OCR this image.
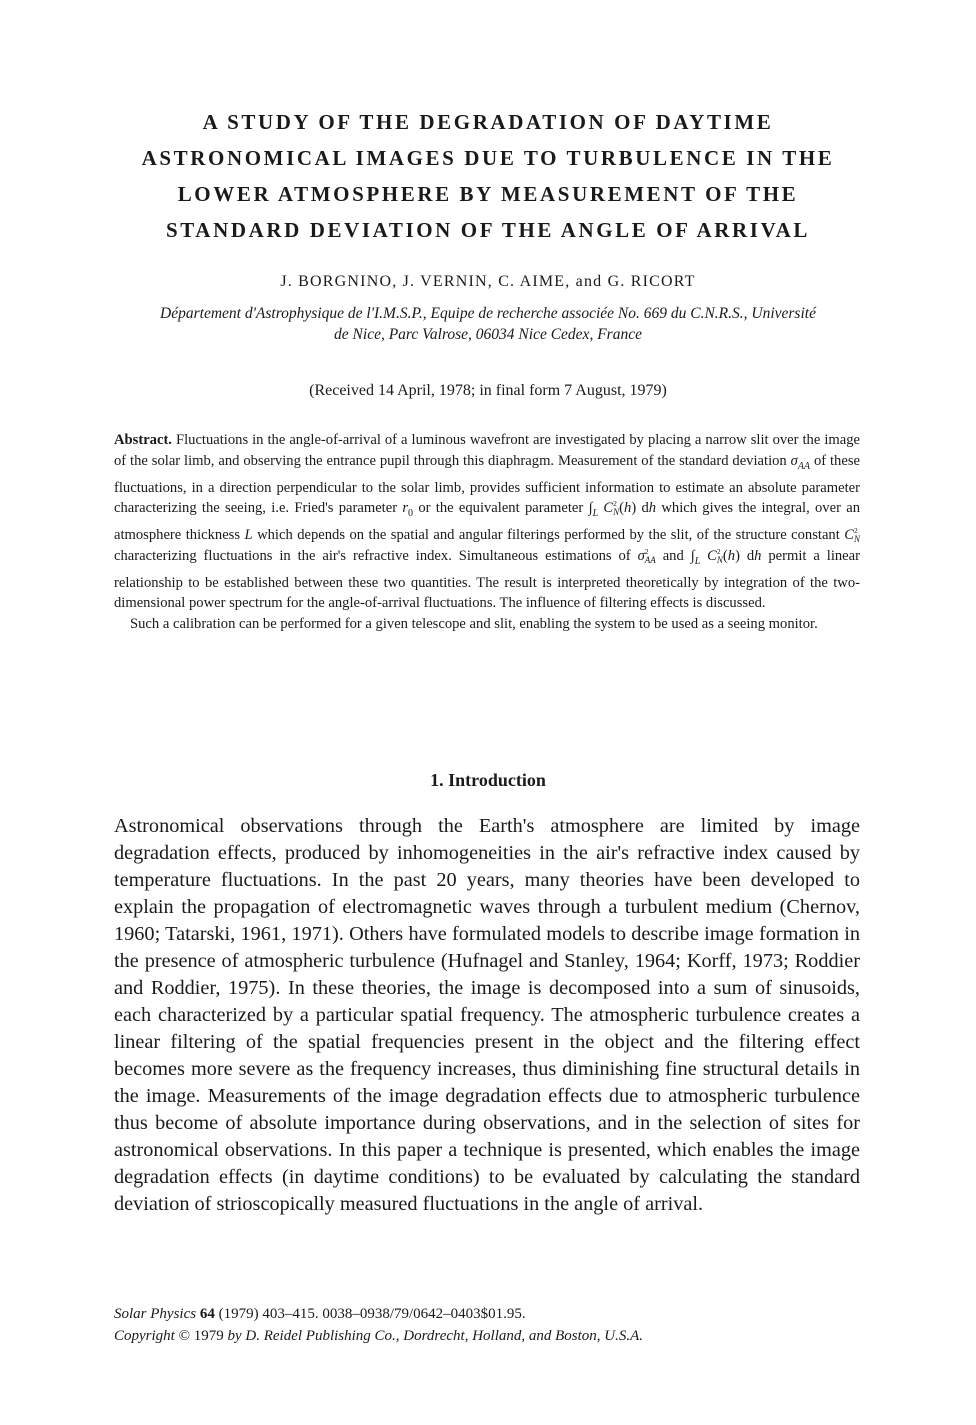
A STUDY OF THE DEGRADATION OF DAYTIME
ASTRONOMICAL IMAGES DUE TO TURBULENCE IN THE
LOWER ATMOSPHERE BY MEASUREMENT OF THE
STANDARD DEVIATION OF THE ANGLE OF ARRIVAL
J. BORGNINO, J. VERNIN, C. AIME, and G. RICORT
Département d'Astrophysique de l'I.M.S.P., Equipe de recherche associée No. 669 du C.N.R.S., Université
de Nice, Parc Valrose, 06034 Nice Cedex, France
(Received 14 April, 1978; in final form 7 August, 1979)

Abstract. Fluctuations in the angle-of-arrival of a luminous wavefront are investigated by placing a narrow slit over the image of the solar limb, and observing the entrance pupil through this diaphragm. Measurement of the standard deviation $\sigma_{AA}$ of these fluctuations, in a direction perpendicular to the solar limb, provides sufficient information to estimate an absolute parameter characterizing the seeing, i.e. Fried's parameter $r_0$ or the equivalent parameter $\int_L$ C 2
N (h) dh which gives the integral, over an atmosphere thickness L which depends on the spatial and angular filterings performed by the slit, of the structure constant C 2
N
characterizing fluctuations in the air's refractive index. Simultaneous estimations of σ 2
AA and $\int_L$ C 2
N (h) dh permit a linear relationship to be established between these two quantities. The result is interpreted theoretically by integration of the two-dimensional power spectrum for the angle-of-arrival fluctuations. The influence of filtering effects is discussed.

Such a calibration can be performed for a given telescope and slit, enabling the system to be used as a seeing monitor.

1. Introduction

Astronomical observations through the Earth's atmosphere are limited by image degradation effects, produced by inhomogeneities in the air's refractive index caused by temperature fluctuations. In the past 20 years, many theories have been developed to explain the propagation of electromagnetic waves through a turbulent medium (Chernov, 1960; Tatarski, 1961, 1971). Others have formulated models to describe image formation in the presence of atmospheric turbulence (Hufnagel and Stanley, 1964; Korff, 1973; Roddier and Roddier, 1975). In these theories, the image is decomposed into a sum of sinusoids, each characterized by a particular spatial frequency. The atmospheric turbulence creates a linear filtering of the spatial frequencies present in the object and the filtering effect becomes more severe as the frequency increases, thus diminishing fine structural details in the image. Measurements of the image degradation effects due to atmospheric turbulence thus become of absolute importance during observations, and in the selection of sites for astronomical observations. In this paper a technique is presented, which enables the image degradation effects (in daytime conditions) to be evaluated by calculating the standard deviation of strioscopically measured fluctuations in the angle of arrival.

Solar Physics 64 (1979) 403–415. 0038–0938/79/0642–0403$01.95.
Copyright © 1979 by D. Reidel Publishing Co., Dordrecht, Holland, and Boston, U.S.A.
